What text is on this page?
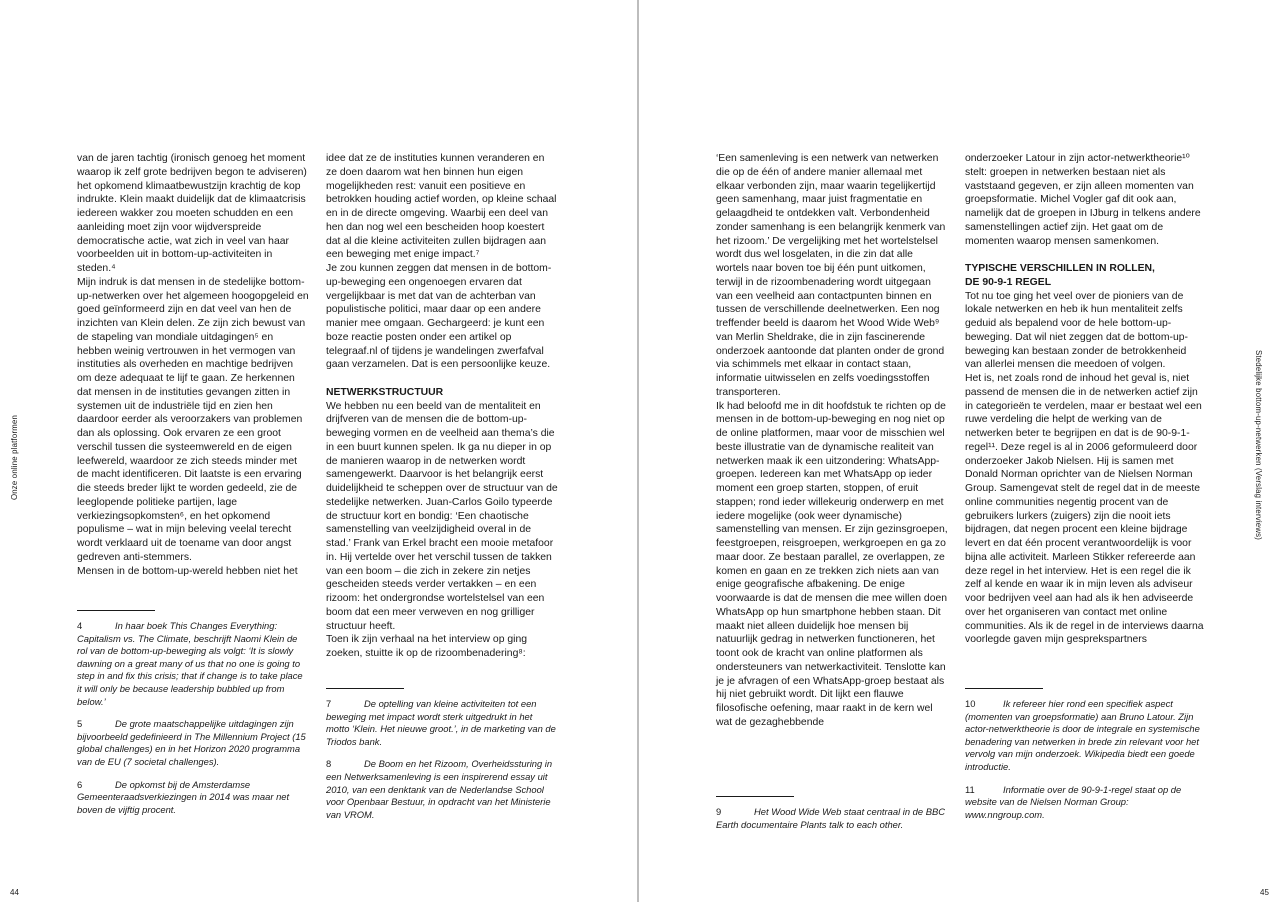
van de jaren tachtig (ironisch genoeg het moment waarop ik zelf grote bedrijven begon te adviseren) het opkomend klimaatbewustzijn krachtig de kop indrukte. Klein maakt duidelijk dat de klimaatcrisis iedereen wakker zou moeten schudden en een aanleiding moet zijn voor wijdverspreide democratische actie, wat zich in veel van haar voorbeelden uit in bottom-up-activiteiten in steden.⁴

Mijn indruk is dat mensen in de stedelijke bottom-up-netwerken over het algemeen hoogopgeleid en goed geïnformeerd zijn en dat veel van hen de inzichten van Klein delen. Ze zijn zich bewust van de stapeling van mondiale uitdagingen⁵ en hebben weinig vertrouwen in het vermogen van instituties als overheden en machtige bedrijven om deze adequaat te lijf te gaan. Ze herkennen dat mensen in de instituties gevangen zitten in systemen uit de industriële tijd en zien hen daardoor eerder als veroorzakers van problemen dan als oplossing. Ook ervaren ze een groot verschil tussen die systeemwereld en de eigen leefwereld, waardoor ze zich steeds minder met de macht identificeren. Dit laatste is een ervaring die steeds breder lijkt te worden gedeeld, zie de leeglopende politieke partijen, lage verkiezingsopkomsten⁶, en het opkomend populisme – wat in mijn beleving veelal terecht wordt verklaard uit de toename van door angst gedreven anti-stemmers.

Mensen in de bottom-up-wereld hebben niet het

idee dat ze de instituties kunnen veranderen en ze doen daarom wat hen binnen hun eigen mogelijkheden rest: vanuit een positieve en betrokken houding actief worden, op kleine schaal en in de directe omgeving. Waarbij een deel van hen dan nog wel een bescheiden hoop koestert dat al die kleine activiteiten zullen bijdragen aan een beweging met enige impact.⁷

Je zou kunnen zeggen dat mensen in de bottom-up-beweging een ongenoegen ervaren dat vergelijkbaar is met dat van de achterban van populistische politici, maar daar op een andere manier mee omgaan. Gechargeerd: je kunt een boze reactie posten onder een artikel op telegraaf.nl of tijdens je wandelingen zwerfafval gaan verzamelen. Dat is een persoonlijke keuze.

NETWERKSTRUCTUUR

We hebben nu een beeld van de mentaliteit en drijfveren van de mensen die de bottom-up-beweging vormen en de veelheid aan thema’s die in een buurt kunnen spelen. Ik ga nu dieper in op de manieren waarop in de netwerken wordt samengewerkt. Daarvoor is het belangrijk eerst duidelijkheid te scheppen over de structuur van de stedelijke netwerken. Juan-Carlos Goilo typeerde de structuur kort en bondig: ‘Een chaotische samenstelling van veelzijdigheid overal in de stad.’ Frank van Erkel bracht een mooie metafoor in. Hij vertelde over het verschil tussen de takken van een boom – die zich in zekere zin netjes gescheiden steeds verder vertakken – en een rizoom: het ondergrondse wortelstelsel van een boom dat een meer verweven en nog grilliger structuur heeft.

Toen ik zijn verhaal na het interview op ging zoeken, stuitte ik op de rizoombenadering⁸:

4	In haar boek This Changes Everything: Capitalism vs. The Climate, beschrijft Naomi Klein de rol van de bottom-up-beweging als volgt: ‘It is slowly dawning on a great many of us that no one is going to step in and fix this crisis; that if change is to take place it will only be because leadership bubbled up from below.’

5	De grote maatschappelijke uitdagingen zijn bijvoorbeeld gedefinieerd in The Millennium Project (15 global challenges) en in het Horizon 2020 programma van de EU (7 societal challenges).

6	De opkomst bij de Amsterdamse Gemeenteraadsverkiezingen in 2014 was maar net boven de vijftig procent.

7	De optelling van kleine activiteiten tot een beweging met impact wordt sterk uitgedrukt in het motto ‘Klein. Het nieuwe groot.’, in de marketing van de Triodos bank.

8	De Boom en het Rizoom, Overheidssturing in een Netwerksamenleving is een inspirerend essay uit 2010, van een denktank van de Nederlandse School voor Openbaar Bestuur, in opdracht van het Ministerie van VROM.

Onze online platformen
44

‘Een samenleving is een netwerk van netwerken die op de één of andere manier allemaal met elkaar verbonden zijn, maar waarin tegelijkertijd geen samenhang, maar juist fragmentatie en gelaagdheid te ontdekken valt. Verbondenheid zonder samenhang is een belangrijk kenmerk van het rizoom.’ De vergelijking met het wortelstelsel wordt dus wel losgelaten, in die zin dat alle wortels naar boven toe bij één punt uitkomen, terwijl in de rizoombenadering wordt uitgegaan van een veelheid aan contactpunten binnen en tussen de verschillende deelnetwerken. Een nog treffender beeld is daarom het Wood Wide Web⁹ van Merlin Sheldrake, die in zijn fascinerende onderzoek aantoonde dat planten onder de grond via schimmels met elkaar in contact staan, informatie uitwisselen en zelfs voedingsstoffen transporteren.

Ik had beloofd me in dit hoofdstuk te richten op de mensen in de bottom-up-beweging en nog niet op de online platformen, maar voor de misschien wel beste illustratie van de dynamische realiteit van netwerken maak ik een uitzondering: WhatsApp-groepen. Iedereen kan met WhatsApp op ieder moment een groep starten, stoppen, of eruit stappen; rond ieder willekeurig onderwerp en met iedere mogelijke (ook weer dynamische) samenstelling van mensen. Er zijn gezinsgroepen, feestgroepen, reisgroepen, werkgroepen en ga zo maar door. Ze bestaan parallel, ze overlappen, ze komen en gaan en ze trekken zich niets aan van enige geografische afbakening. De enige voorwaarde is dat de mensen die mee willen doen WhatsApp op hun smartphone hebben staan. Dit maakt niet alleen duidelijk hoe mensen bij natuurlijk gedrag in netwerken functioneren, het toont ook de kracht van online platformen als ondersteuners van netwerkactiviteit. Tenslotte kan je je afvragen of een WhatsApp-groep bestaat als hij niet gebruikt wordt. Dit lijkt een flauwe filosofische oefening, maar raakt in de kern wel wat de gezaghebbende

onderzoeker Latour in zijn actor-netwerktheorie¹⁰ stelt: groepen in netwerken bestaan niet als vaststaand gegeven, er zijn alleen momenten van groepsformatie. Michel Vogler gaf dit ook aan, namelijk dat de groepen in IJburg in telkens andere samenstellingen actief zijn. Het gaat om de momenten waarop mensen samenkomen.

TYPISCHE VERSCHILLEN IN ROLLEN,
DE 90-9-1 REGEL

Tot nu toe ging het veel over de pioniers van de lokale netwerken en heb ik hun mentaliteit zelfs geduid als bepalend voor de hele bottom-up-beweging. Dat wil niet zeggen dat de bottom-up-beweging kan bestaan zonder de betrokkenheid van allerlei mensen die meedoen of volgen.

Het is, net zoals rond de inhoud het geval is, niet passend de mensen die in de netwerken actief zijn in categorieën te verdelen, maar er bestaat wel een ruwe verdeling die helpt de werking van de netwerken beter te begrijpen en dat is de 90-9-1-regel¹¹. Deze regel is al in 2006 geformuleerd door onderzoeker Jakob Nielsen. Hij is samen met Donald Norman oprichter van de Nielsen Norman Group. Samengevat stelt de regel dat in de meeste online communities negentig procent van de gebruikers lurkers (zuigers) zijn die nooit iets bijdragen, dat negen procent een kleine bijdrage levert en dat één procent verantwoordelijk is voor bijna alle activiteit. Marleen Stikker refereerde aan deze regel in het interview. Het is een regel die ik zelf al kende en waar ik in mijn leven als adviseur voor bedrijven veel aan had als ik hen adviseerde over het organiseren van contact met online communities. Als ik de regel in de interviews daarna voorlegde gaven mijn gesprekspartners

9	Het Wood Wide Web staat centraal in de BBC Earth documentaire Plants talk to each other.

10	Ik refereer hier rond een specifiek aspect (momenten van groepsformatie) aan Bruno Latour. Zijn actor-netwerktheorie is door de integrale en systemische benadering van netwerken in brede zin relevant voor het vervolg van mijn onderzoek. Wikipedia biedt een goede introductie.

11	Informatie over de 90-9-1-regel staat op de website van de Nielsen Norman Group: www.nngroup.com.

45
Stedelijke bottom-up-netwerken (Verslag interviews)
